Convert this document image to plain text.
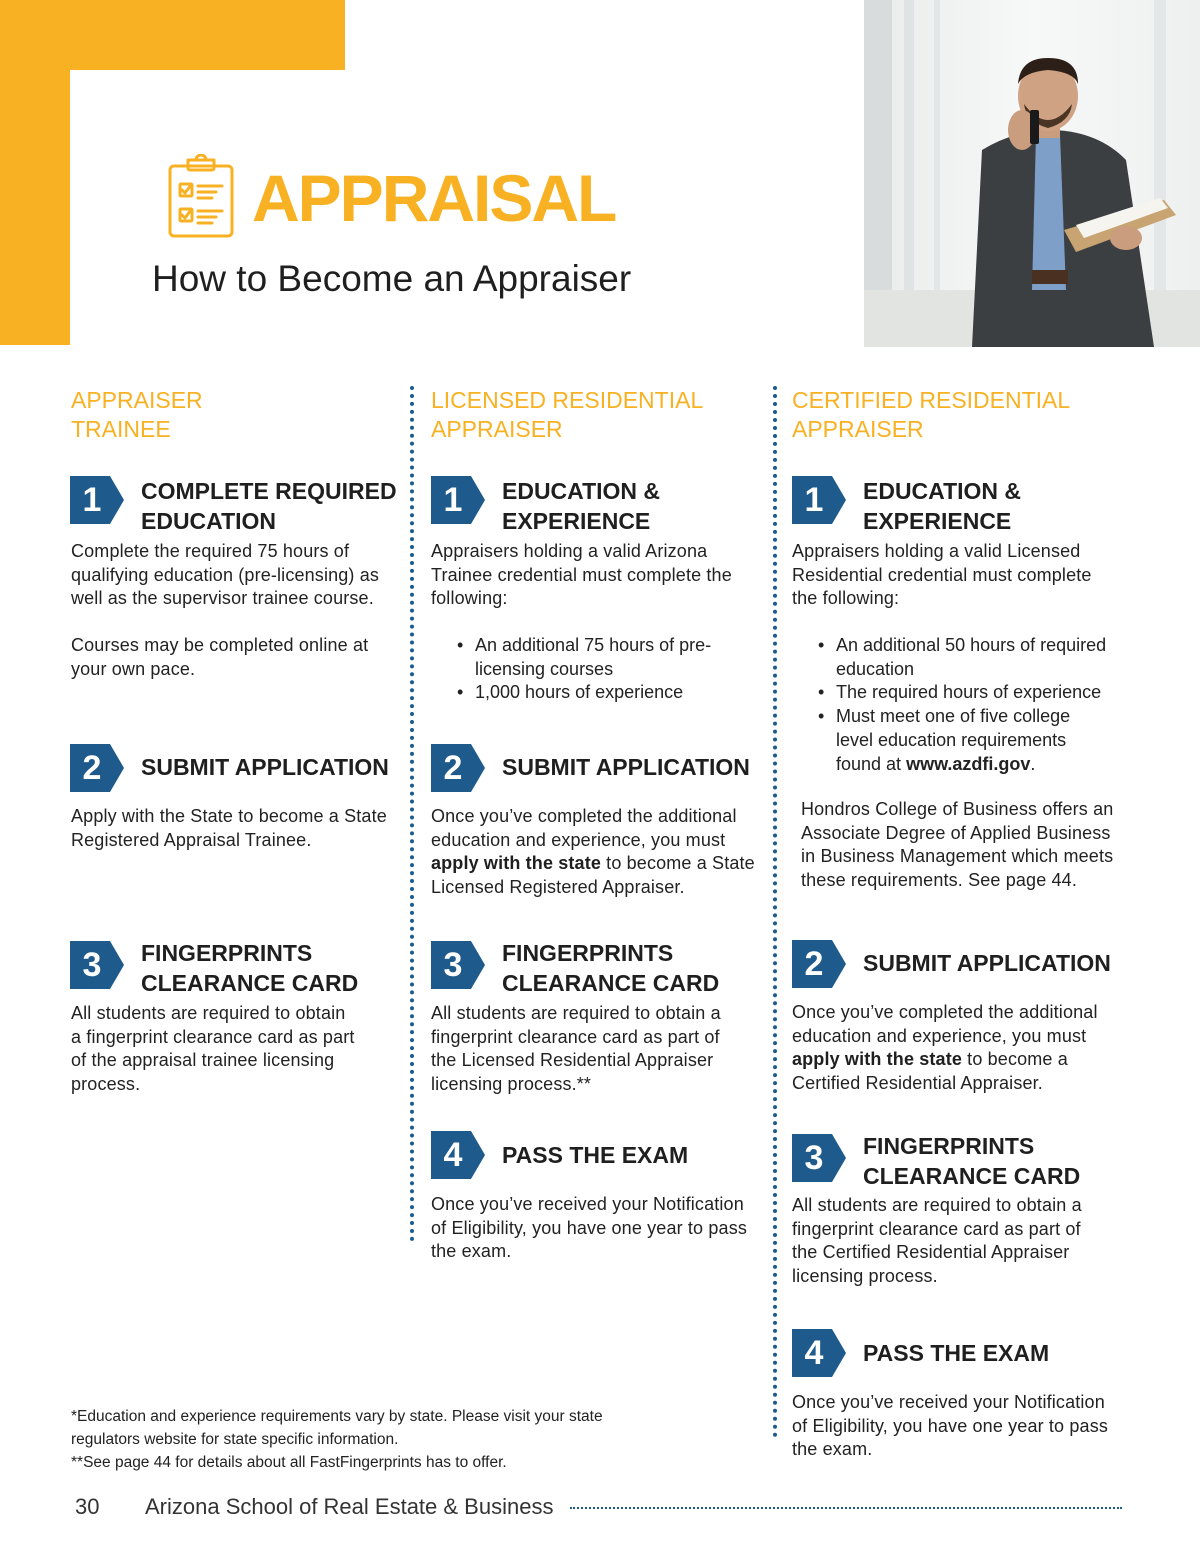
APPRAISAL
How to Become an Appraiser
APPRAISER
TRAINEE
1	COMPLETE REQUIRED
EDUCATION
Complete the required 75 hours of
qualifying education (pre-licensing) as
well as the supervisor trainee course.
Courses may be completed online at
your own pace.
2	SUBMIT APPLICATION
Apply with the State to become a State
Registered Appraisal Trainee.
3	FINGERPRINTS
CLEARANCE CARD
All students are required to obtain
a fingerprint clearance card as part
of the appraisal trainee licensing
process.
LICENSED RESIDENTIAL
APPRAISER
1	EDUCATION &
EXPERIENCE
Appraisers holding a valid Arizona
Trainee credential must complete the
following:
• An additional 75 hours of pre-
licensing courses
• 1,000 hours of experience
2	SUBMIT APPLICATION
Once you’ve completed the additional
education and experience, you must
apply with the state to become a State
Licensed Registered Appraiser.
3	FINGERPRINTS
CLEARANCE CARD
All students are required to obtain a
fingerprint clearance card as part of
the Licensed Residential Appraiser
licensing process.**
4	PASS THE EXAM
Once you’ve received your Notification
of Eligibility, you have one year to pass
the exam.
CERTIFIED RESIDENTIAL
APPRAISER
1	EDUCATION &
EXPERIENCE
Appraisers holding a valid Licensed
Residential credential must complete
the following:
• An additional 50 hours of required
education
• The required hours of experience
• Must meet one of five college
level education requirements
found at www.azdfi.gov.
Hondros College of Business offers an
Associate Degree of Applied Business
in Business Management which meets
these requirements. See page 44.
2	SUBMIT APPLICATION
Once you’ve completed the additional
education and experience, you must
apply with the state to become a
Certified Residential Appraiser.
3	FINGERPRINTS
CLEARANCE CARD
All students are required to obtain a
fingerprint clearance card as part of
the Certified Residential Appraiser
licensing process.
4	PASS THE EXAM
Once you’ve received your Notification
of Eligibility, you have one year to pass
the exam.
*Education and experience requirements vary by state. Please visit your state
regulators website for state specific information.
**See page 44 for details about all FastFingerprints has to offer.
30 Arizona School of Real Estate & Business
